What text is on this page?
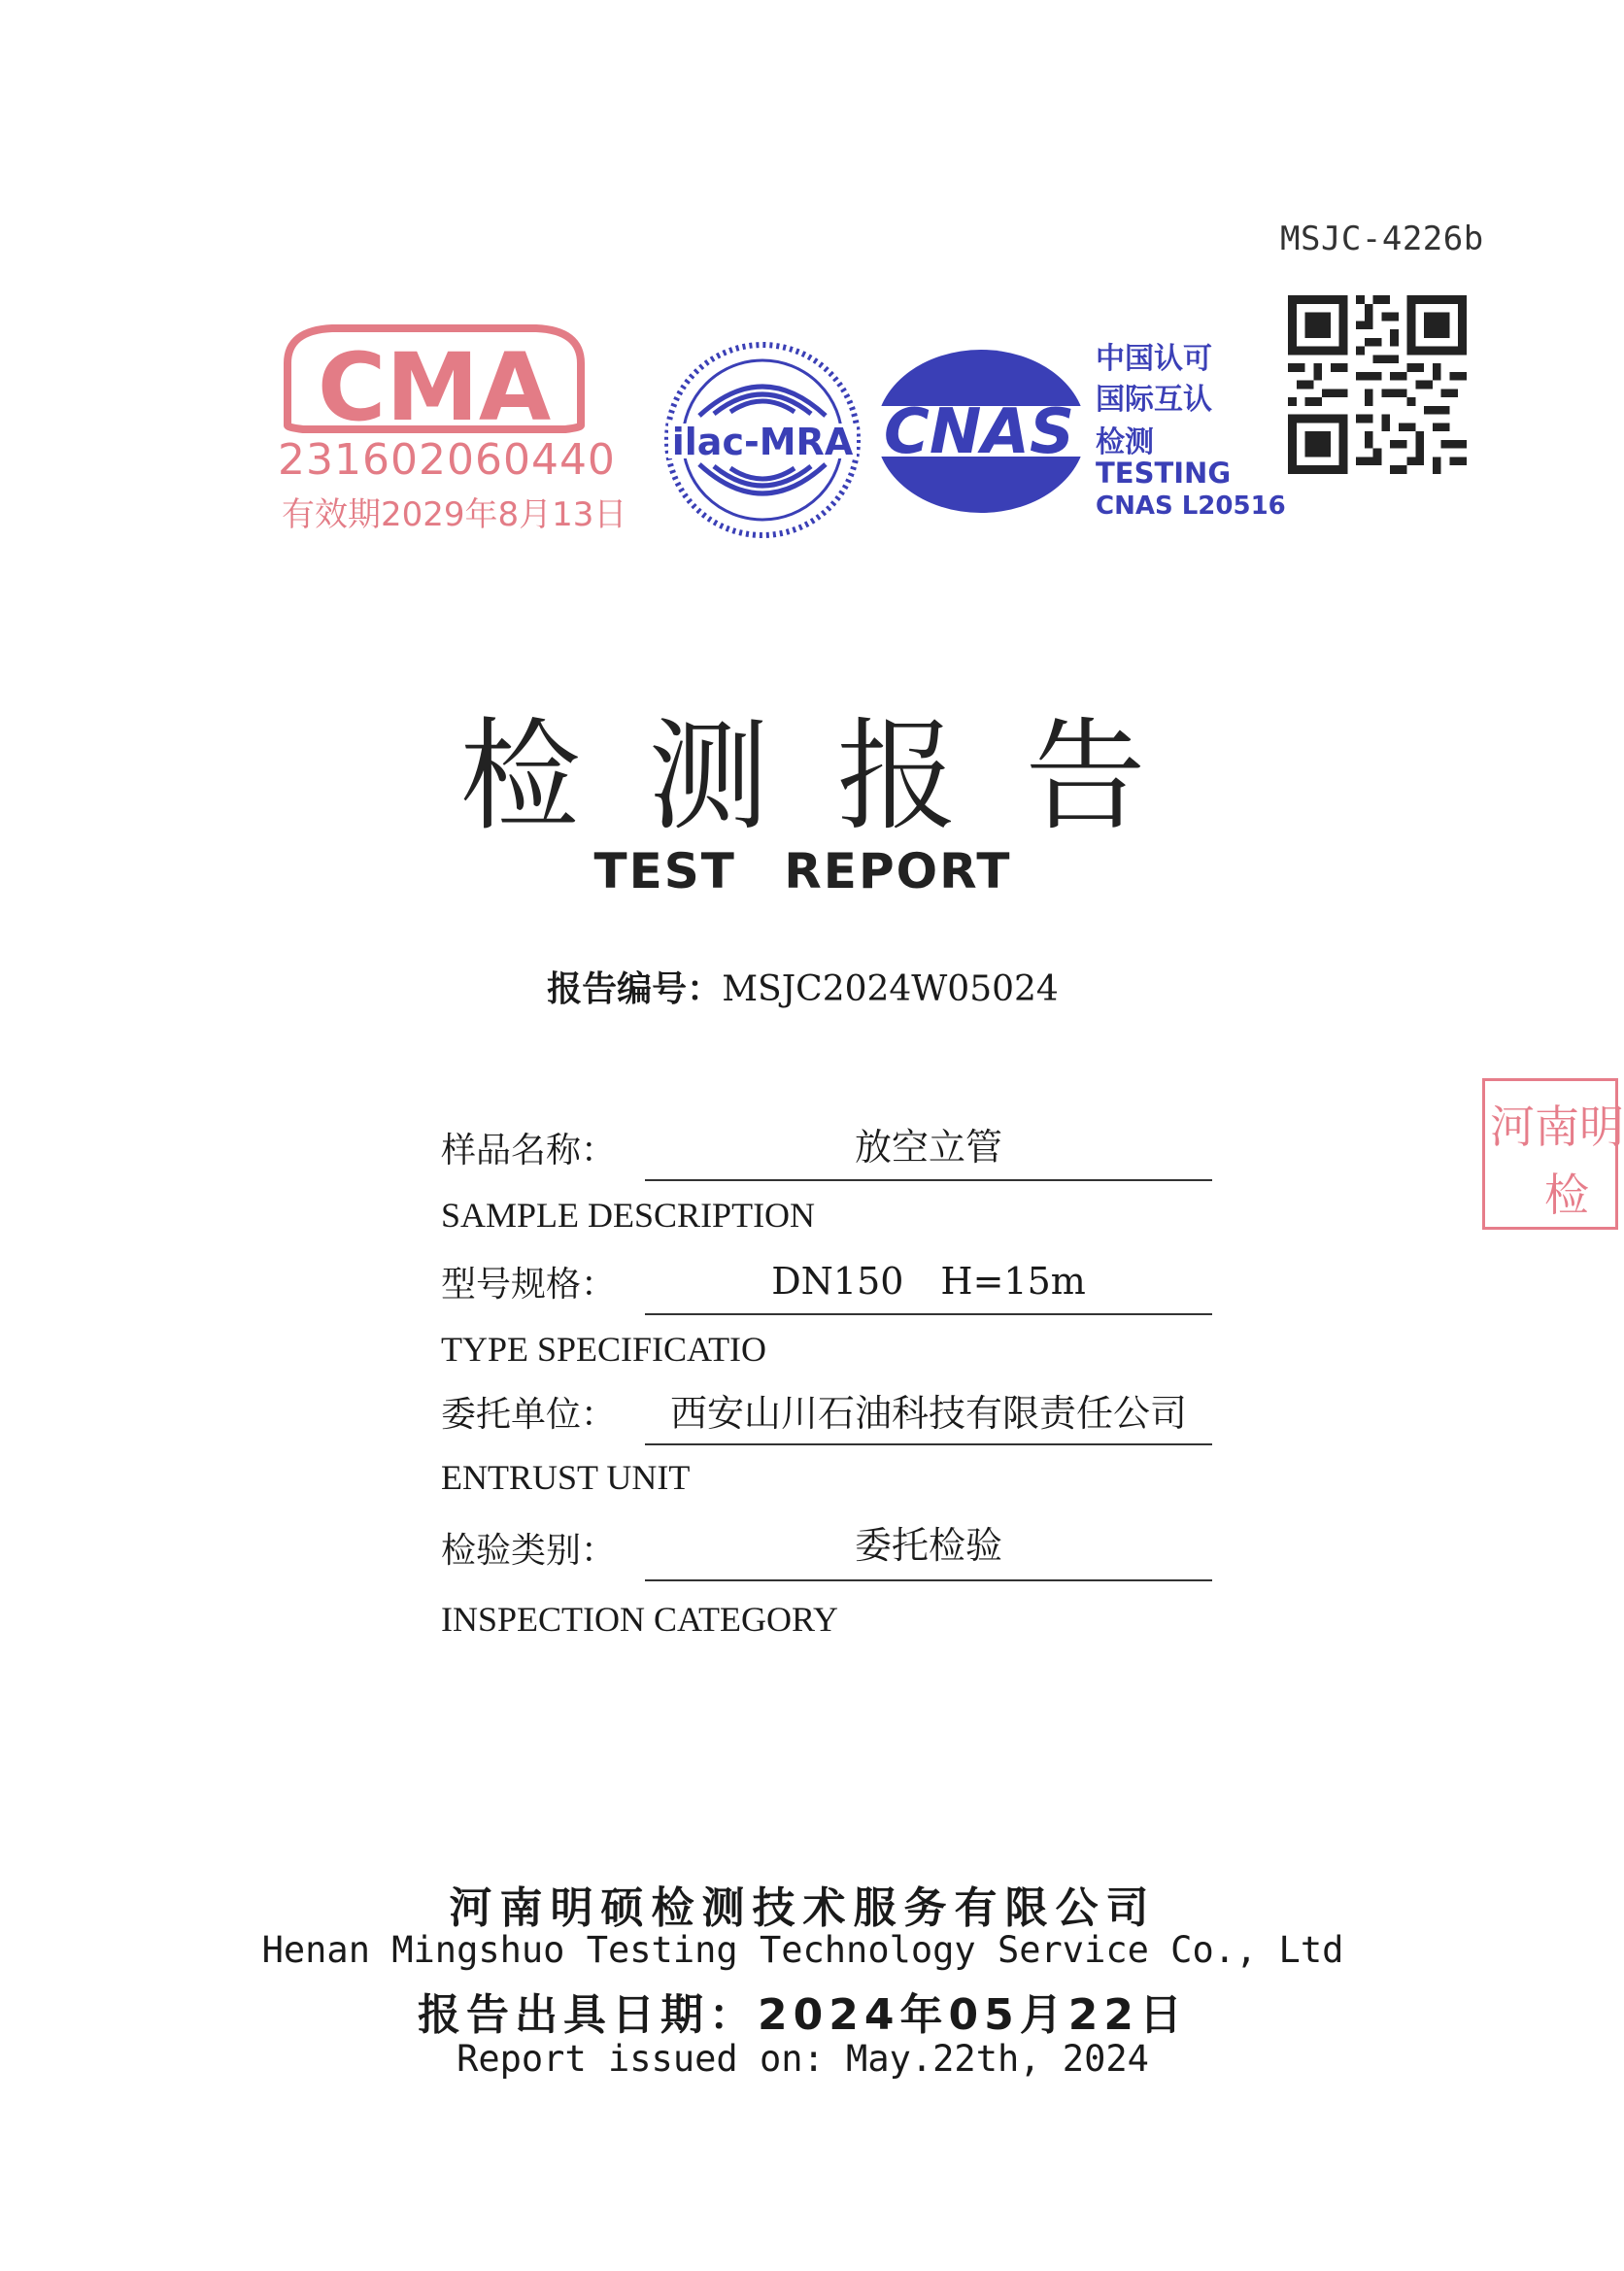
MSJC-4226b
CMA
231602060440
有效期2029年8月13日
ilac-MRA CNAS
中国认可
国际互认
检测
TESTING
CNAS L20516
检测报告
TEST REPORT
报告编号：MSJC2024W05024
样品名称：	放空立管
SAMPLE DESCRIPTION
型号规格：	DN150　H=15m
TYPE SPECIFICATIO
委托单位：	西安山川石油科技有限责任公司
ENTRUST UNIT
检验类别：	委托检验
INSPECTION CATEGORY
河南明
检
河南明硕检测技术服务有限公司
Henan Mingshuo Testing Technology Service Co., Ltd
报告出具日期：2024年05月22日
Report issued on: May.22th, 2024
